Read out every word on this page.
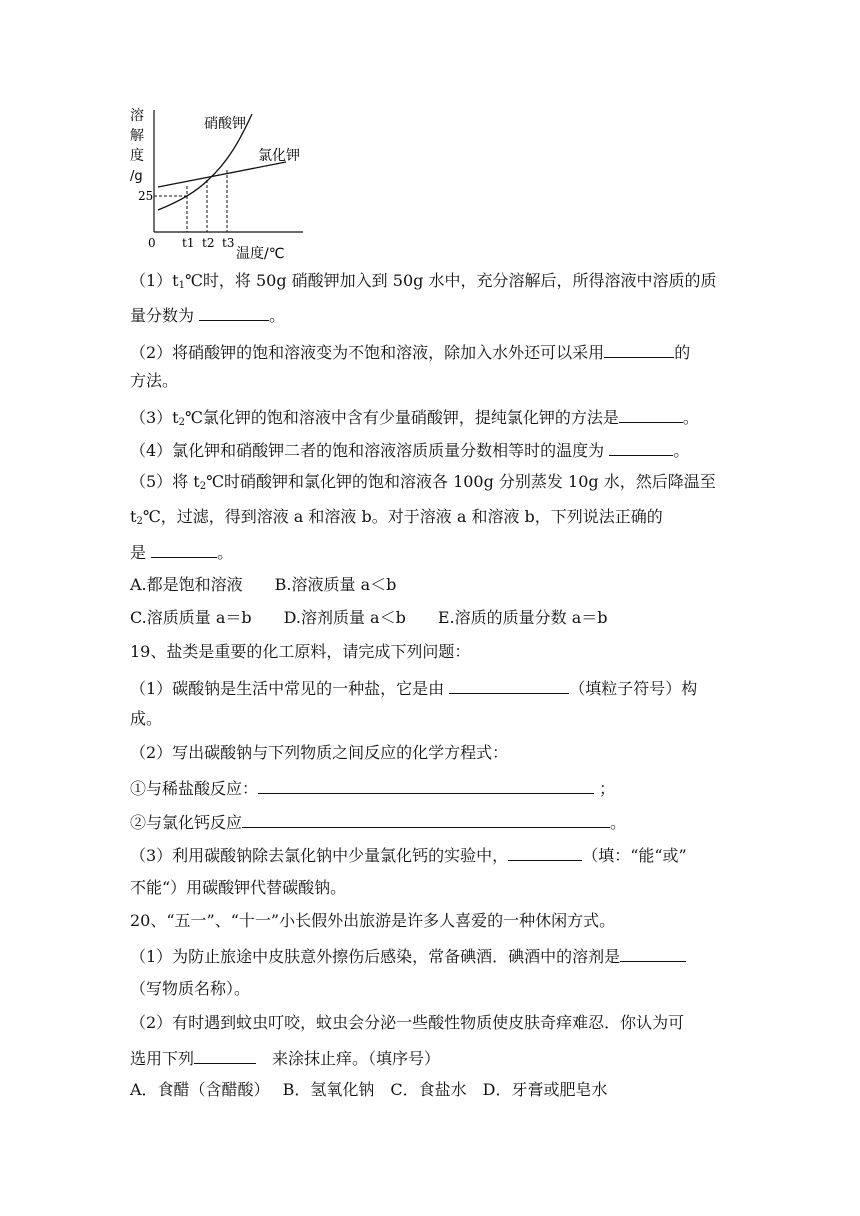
溶
解
度
/g
硝酸钾
氯化钾
25
0 t1 t2 t3
温度/℃
$(1)t_1℃$时，将 50g 硝酸钾加入到 50g 水中，充分溶解后，所得溶液中溶质的质
量分数为	。
（2）将硝酸钾的饱和溶液变为不饱和溶液，除加入水外还可以采用	的
方法。
$(3)t_2℃$氯化钾的饱和溶液中含有少量硝酸钾，提纯氯化钾的方法是	。
（4）氯化钾和硝酸钾二者的饱和溶液溶质质量分数相等时的温度为	。
（5）将 $t_2℃$时硝酸钾和氯化钾的饱和溶液各 100g 分别蒸发 10g 水，然后降温至
$t_2℃$，过滤，得到溶液 a 和溶液 b。对于溶液 a 和溶液 b，下列说法正确的
是	。
A.都是饱和溶液　　B.溶液质量 a＜b
C.溶质质量 a＝b　　D.溶剂质量 a＜b　　E.溶质的质量分数 a＝b
19、盐类是重要的化工原料，请完成下列问题：
（1）碳酸钠是生活中常见的一种盐，它是由	（填粒子符号）构
成。
（2）写出碳酸钠与下列物质之间反应的化学方程式：
①与稀盐酸反应：	；
②与氯化钙反应	。
（3）利用碳酸钠除去氯化钠中少量氯化钙的实验中，	（填：“能“或”
不能“）用碳酸钾代替碳酸钠。
20、“五一”、“十一”小长假外出旅游是许多人喜爱的一种休闲方式。
（1）为防止旅途中皮肤意外擦伤后感染，常备碘酒．碘酒中的溶剂是
（写物质名称）。
（2）有时遇到蚊虫叮咬，蚊虫会分泌一些酸性物质使皮肤奇痒难忍．你认为可
选用下列	　来涂抹止痒。（填序号）
A．食醋（含醋酸）　 B．氢氧化钠　C．食盐水　D．牙膏或肥皂水
